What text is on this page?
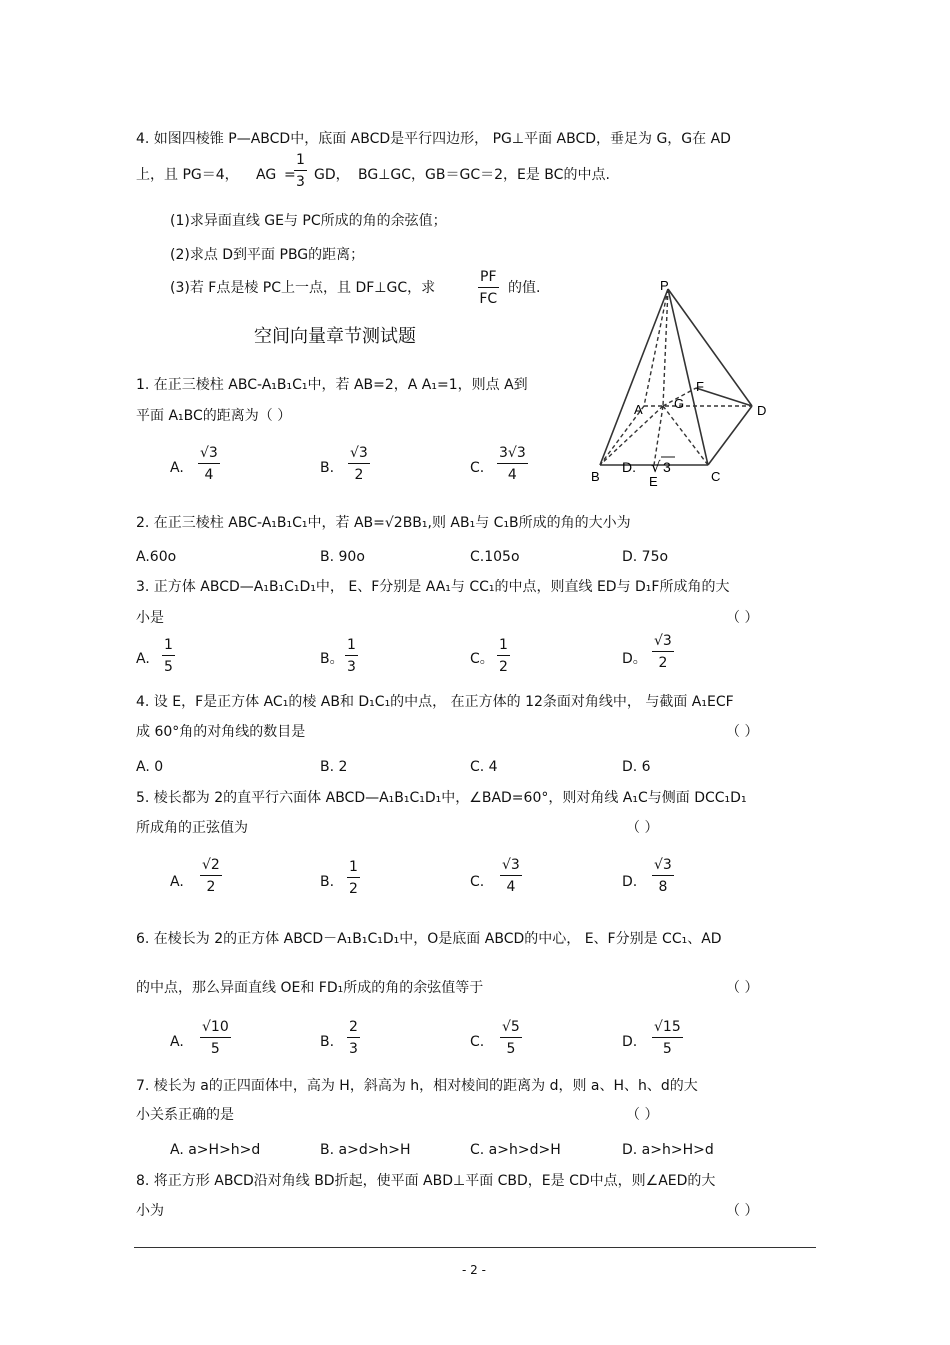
4. 如图四棱锥 P—ABCD中，底面 ABCD是平行四边形， PG⊥平面 ABCD，垂足为 G，G在 AD
上，且 PG＝4， AG =
$\frac{1}{3}$ GD， BG⊥GC，GB＝GC＝2，E是 BC的中点.
(1)求异面直线 GE与 PC所成的角的余弦值；
(2)求点 D到平面 PBG的距离；
(3)若 F点是棱 PC上一点，且 DF⊥GC，求	$\frac{PF}{FC}$ 的值.	P
A G
F
D
B	E	C
D. √ 3
空间向量章节测试题
1. 在正三棱柱 ABC-A₁B₁C₁中，若 AB=2，A A₁=1，则点 A到
平面 A₁BC的距离为（ ）
A. $\frac{√3}{4}$	B. $\frac{√3}{2}$	C. $\frac{3√3}{4}$
2. 在正三棱柱 ABC-A₁B₁C₁中，若 AB=√2BB₁,则 AB₁与 C₁B所成的角的大小为
A.60o	B. 90o	C.105o	D. 75o
3. 正方体 ABCD—A₁B₁C₁D₁中， E、F分别是 AA₁与 CC₁的中点，则直线 ED与 D₁F所成角的大
小是	（ ）
A. $\frac{1}{5}$	B。 $\frac{1}{3}$	C。 $\frac{1}{2}$	D。 $\frac{√3}{2}$
4. 设 E，F是正方体 AC₁的棱 AB和 D₁C₁的中点， 在正方体的 12条面对角线中， 与截面 A₁ECF
成 60°角的对角线的数目是	（ ）
A. 0	B. 2	C. 4	D. 6
5. 棱长都为 2的直平行六面体 ABCD—A₁B₁C₁D₁中，∠BAD=60°，则对角线 A₁C与侧面 DCC₁D₁
所成角的正弦值为	（ ）
A. $\frac{√2}{2}$	B. $\frac{1}{2}$	C. $\frac{√3}{4}$	D. $\frac{√3}{8}$
6. 在棱长为 2的正方体 ABCD－A₁B₁C₁D₁中，O是底面 ABCD的中心， E、F分别是 CC₁、AD
的中点，那么异面直线 OE和 FD₁所成的角的余弦值等于	（ ）
A. $\frac{√10}{5}$	B. $\frac{2}{3}$	C. $\frac{√5}{5}$	D. $\frac{√15}{5}$
7. 棱长为 a的正四面体中，高为 H，斜高为 h，相对棱间的距离为 d，则 a、H、h、d的大
小关系正确的是	（ ）
A. a>H>h>d	B. a>d>h>H	C. a>h>d>H	D. a>h>H>d
8. 将正方形 ABCD沿对角线 BD折起，使平面 ABD⊥平面 CBD，E是 CD中点，则∠AED的大
小为	（ ）
- 2 -
